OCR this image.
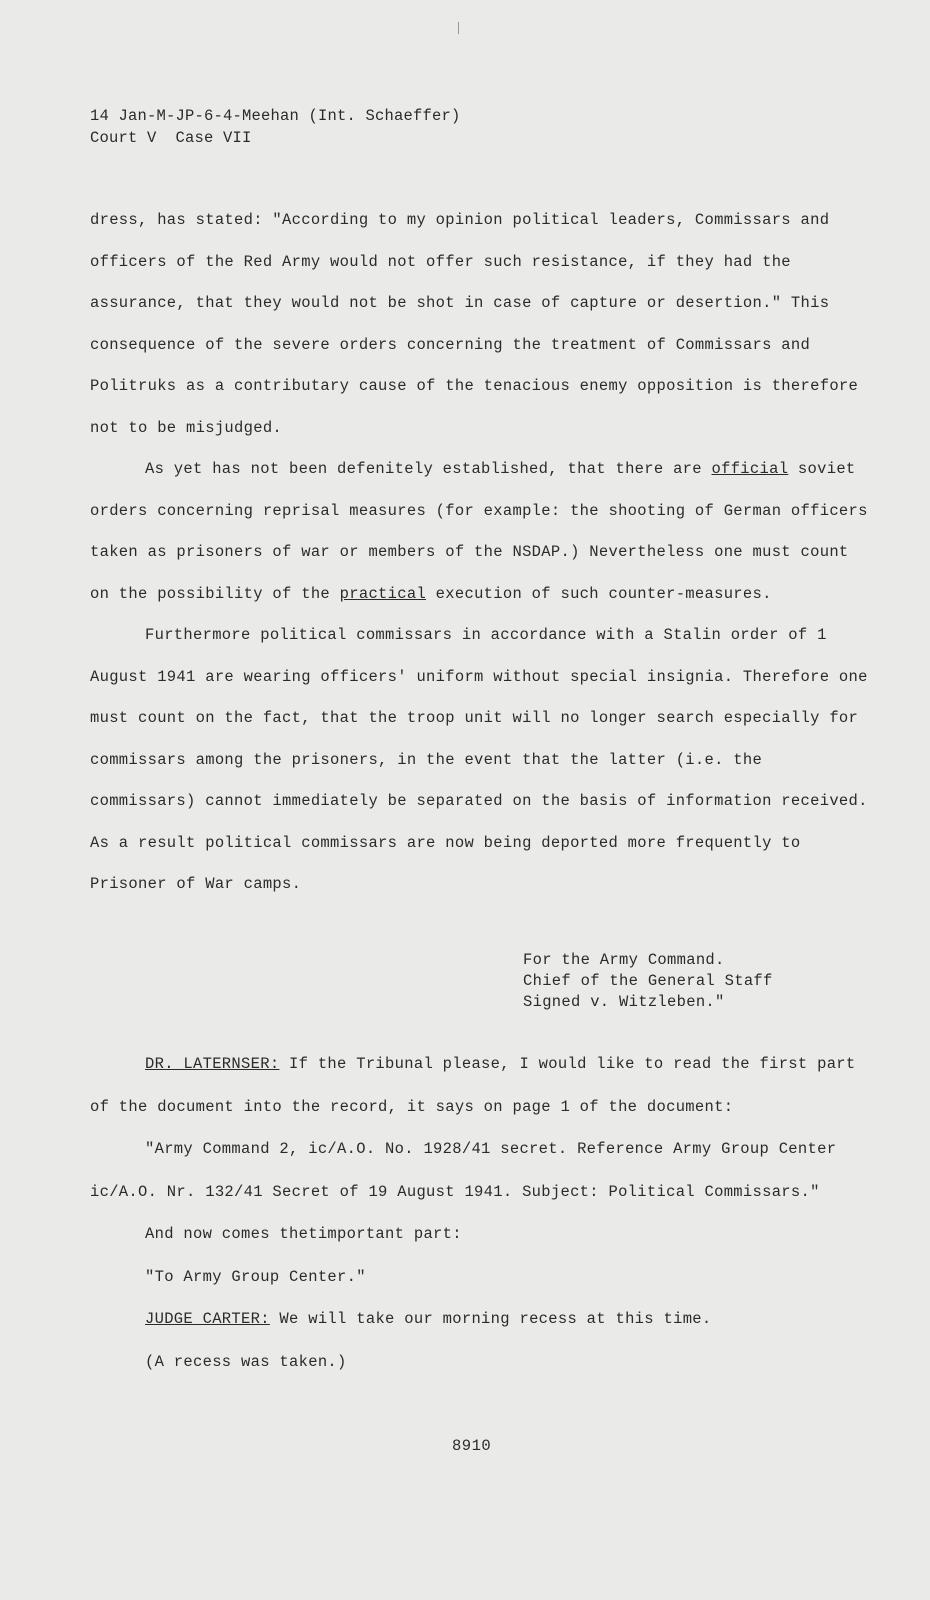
14 Jan-M-JP-6-4-Meehan (Int. Schaeffer)
Court V  Case VII

dress, has stated: "According to my opinion political leaders, Commissars and officers of the Red Army would not offer such resistance, if they had the assurance, that they would not be shot in case of capture or desertion." This consequence of the severe orders concerning the treatment of Commissars and Politruks as a contributary cause of the tenacious enemy opposition is therefore not to be misjudged.

As yet has not been defenitely established, that there are official soviet orders concerning reprisal measures (for example: the shooting of German officers taken as prisoners of war or members of the NSDAP.) Nevertheless one must count on the possibility of the practical execution of such counter-measures.

Furthermore political commissars in accordance with a Stalin order of 1 August 1941 are wearing officers' uniform without special insignia. Therefore one must count on the fact, that the troop unit will no longer search especially for commissars among the prisoners, in the event that the latter (i.e. the commissars) cannot immediately be separated on the basis of information received. As a result political commissars are now being deported more frequently to Prisoner of War camps.

For the Army Command.
Chief of the General Staff
Signed v. Witzleben."

DR. LATERNSER: If the Tribunal please, I would like to read the first part of the document into the record, it says on page 1 of the document:

"Army Command 2, ic/A.O. No. 1928/41 secret. Reference Army Group Center ic/A.O. Nr. 132/41 Secret of 19 August 1941. Subject: Political Commissars."

And now comes thetimportant part:

"To Army Group Center."

JUDGE CARTER: We will take our morning recess at this time.

(A recess was taken.)

8910
